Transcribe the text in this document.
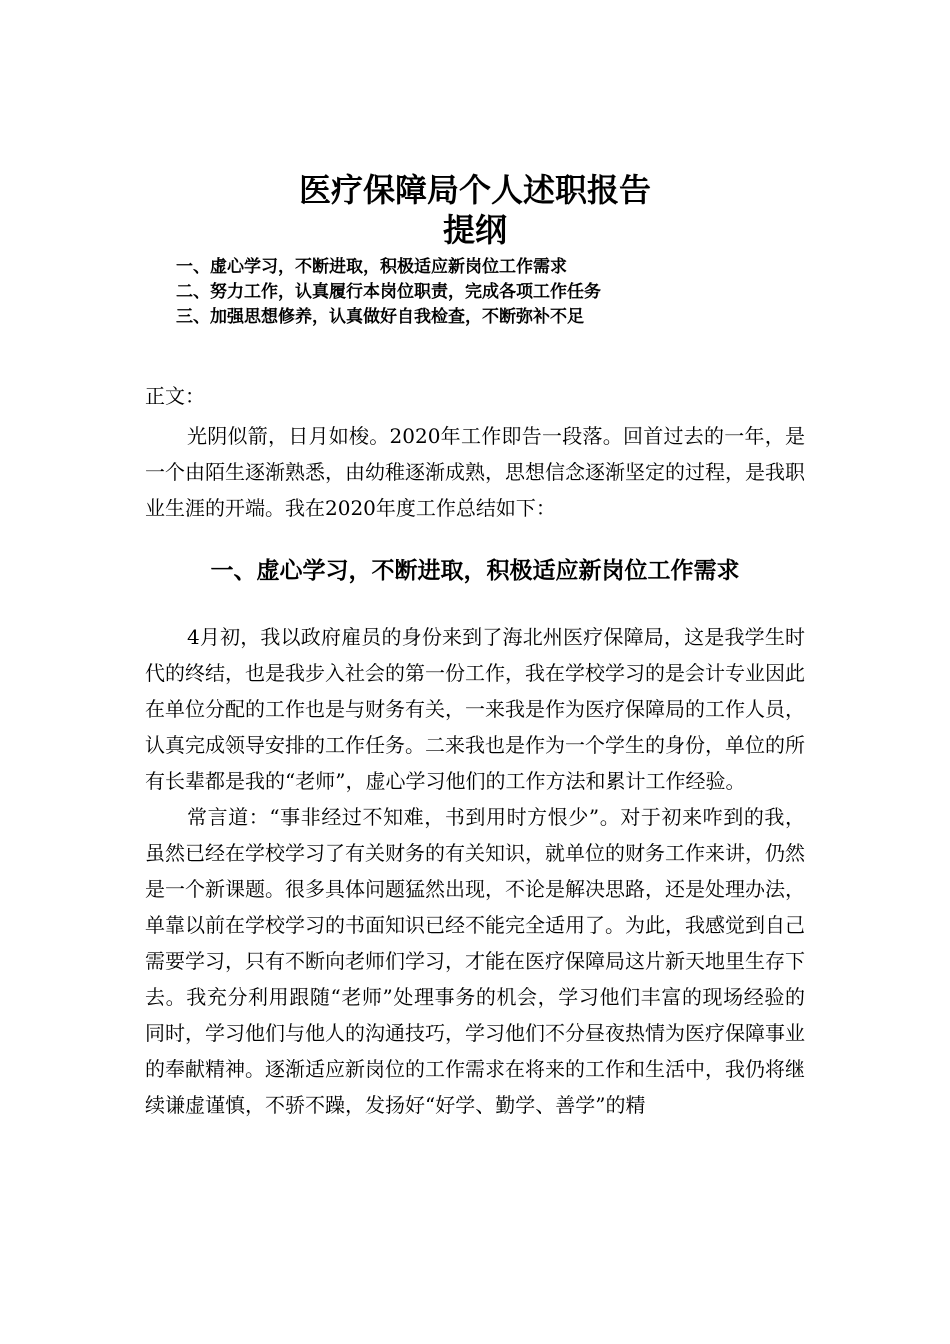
医疗保障局个人述职报告
提纲
一、虚心学习，不断进取，积极适应新岗位工作需求
二、努力工作，认真履行本岗位职责，完成各项工作任务
三、加强思想修养，认真做好自我检查，不断弥补不足
正文：

光阴似箭，日月如梭。2020年工作即告一段落。回首过去的一年，是一个由陌生逐渐熟悉，由幼稚逐渐成熟，思想信念逐渐坚定的过程，是我职业生涯的开端。我在2020年度工作总结如下：

一、虚心学习，不断进取，积极适应新岗位工作需求

4月初，我以政府雇员的身份来到了海北州医疗保障局，这是我学生时代的终结，也是我步入社会的第一份工作，我在学校学习的是会计专业因此在单位分配的工作也是与财务有关，一来我是作为医疗保障局的工作人员，认真完成领导安排的工作任务。二来我也是作为一个学生的身份，单位的所有长辈都是我的“老师”，虚心学习他们的工作方法和累计工作经验。

常言道：“事非经过不知难，书到用时方恨少”。对于初来咋到的我，虽然已经在学校学习了有关财务的有关知识，就单位的财务工作来讲，仍然是一个新课题。很多具体问题猛然出现，不论是解决思路，还是处理办法，单靠以前在学校学习的书面知识已经不能完全适用了。为此，我感觉到自己需要学习，只有不断向老师们学习，才能在医疗保障局这片新天地里生存下去。我充分利用跟随“老师”处理事务的机会，学习他们丰富的现场经验的同时，学习他们与他人的沟通技巧，学习他们不分昼夜热情为医疗保障事业的奉献精神。逐渐适应新岗位的工作需求在将来的工作和生活中，我仍将继续谦虚谨慎，不骄不躁，发扬好“好学、勤学、善学”的精
